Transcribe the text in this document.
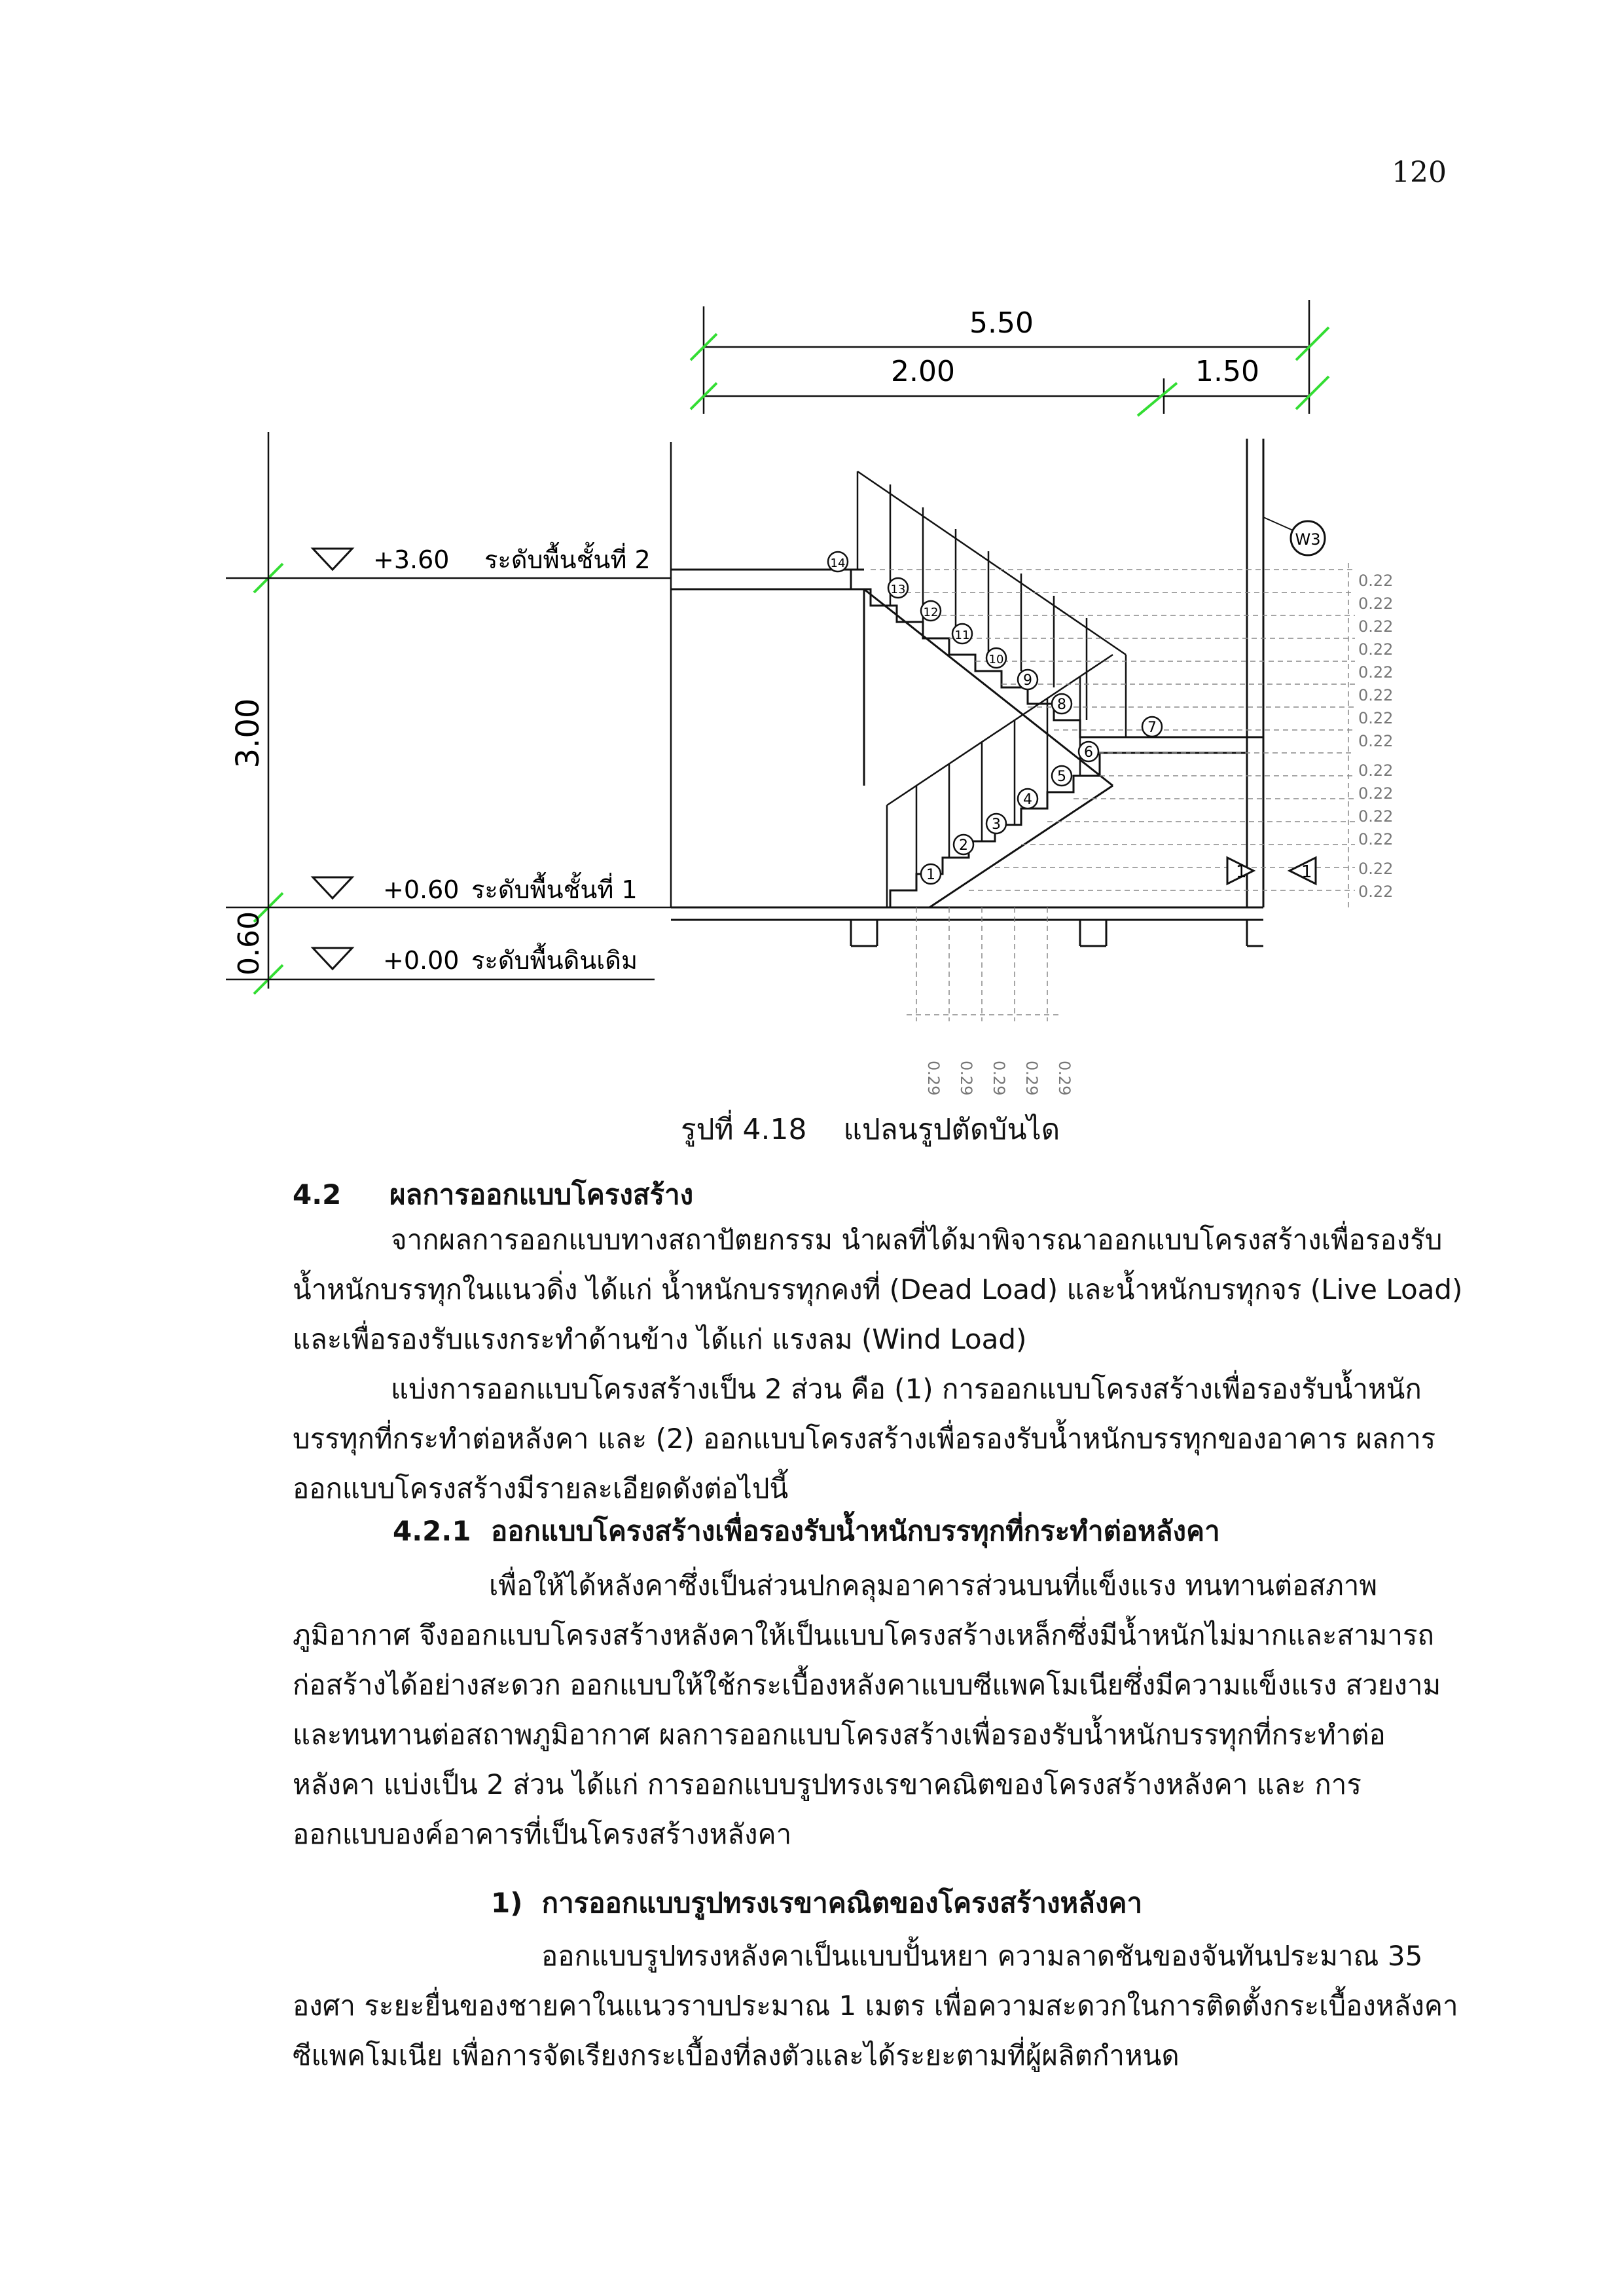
120
5.50
2.00	1.50
3.00
0.60
+3.60 ระดับพื้นชั้นที่ 2
+0.60 ระดับพื้นชั้นที่ 1
+0.00 ระดับพื้นดินเดิม
0.22
0.22
0.22
0.22
0.22
0.22
0.22
0.22
0.22
0.22
0.22
0.22
0.22
0.22
0.29 0.29 0.29 0.29 0.29
W3
1	1
1
2
3
4
5
6
7
8
9
10
11
12
13
14
รูปที่ 4.18 แปลนรูปตัดบันได
4.2 ผลการออกแบบโครงสร้าง
จากผลการออกแบบทางสถาปัตยกรรม นำผลที่ได้มาพิจารณาออกแบบโครงสร้างเพื่อรองรับ
น้ำหนักบรรทุกในแนวดิ่ง ได้แก่ น้ำหนักบรรทุกคงที่ (Dead Load) และน้ำหนักบรทุกจร (Live Load)
และเพื่อรองรับแรงกระทำด้านข้าง ได้แก่ แรงลม (Wind Load)
แบ่งการออกแบบโครงสร้างเป็น 2 ส่วน คือ (1) การออกแบบโครงสร้างเพื่อรองรับน้ำหนัก
บรรทุกที่กระทำต่อหลังคา และ (2) ออกแบบโครงสร้างเพื่อรองรับน้ำหนักบรรทุกของอาคาร ผลการ
ออกแบบโครงสร้างมีรายละเอียดดังต่อไปนี้
4.2.1 ออกแบบโครงสร้างเพื่อรองรับน้ำหนักบรรทุกที่กระทำต่อหลังคา
เพื่อให้ได้หลังคาซึ่งเป็นส่วนปกคลุมอาคารส่วนบนที่แข็งแรง ทนทานต่อสภาพ
ภูมิอากาศ จึงออกแบบโครงสร้างหลังคาให้เป็นแบบโครงสร้างเหล็กซึ่งมีน้ำหนักไม่มากและสามารถ
ก่อสร้างได้อย่างสะดวก ออกแบบให้ใช้กระเบื้องหลังคาแบบซีแพคโมเนียซึ่งมีความแข็งแรง สวยงาม
และทนทานต่อสถาพภูมิอากาศ ผลการออกแบบโครงสร้างเพื่อรองรับน้ำหนักบรรทุกที่กระทำต่อ
หลังคา แบ่งเป็น 2 ส่วน ได้แก่ การออกแบบรูปทรงเรขาคณิตของโครงสร้างหลังคา และ การ
ออกแบบองค์อาคารที่เป็นโครงสร้างหลังคา
1) การออกแบบรูปทรงเรขาคณิตของโครงสร้างหลังคา
ออกแบบรูปทรงหลังคาเป็นแบบปั้นหยา ความลาดชันของจันทันประมาณ 35
องศา ระยะยื่นของชายคาในแนวราบประมาณ 1 เมตร เพื่อความสะดวกในการติดตั้งกระเบื้องหลังคา
ซีแพคโมเนีย เพื่อการจัดเรียงกระเบื้องที่ลงตัวและได้ระยะตามที่ผู้ผลิตกำหนด
